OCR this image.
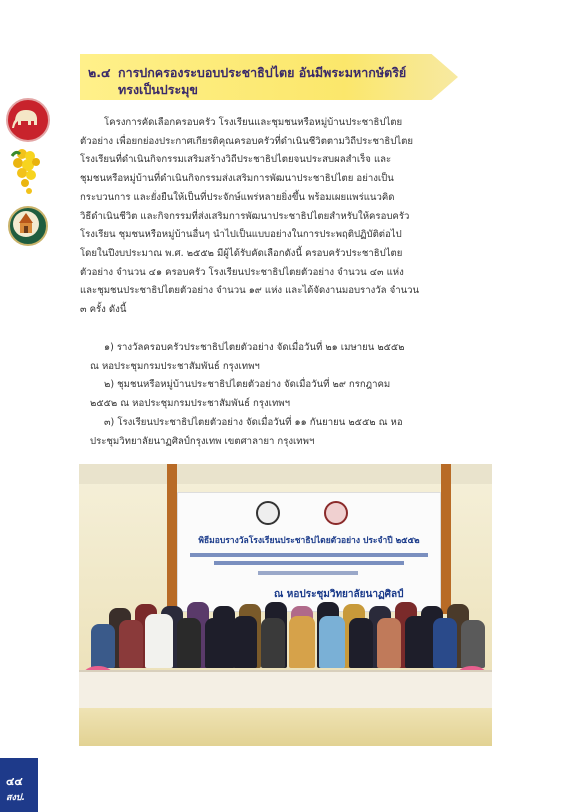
๒.๔ การปกครองระบอบประชาธิปไตย อันมีพระมหากษัตริย์
ทรงเป็นประมุข
โครงการคัดเลือกครอบครัว โรงเรียนและชุมชนหรือหมู่บ้านประชาธิปไตย
ตัวอย่าง เพื่อยกย่องประกาศเกียรติคุณครอบครัวที่ดำเนินชีวิตตามวิถีประชาธิปไตย
โรงเรียนที่ดำเนินกิจกรรมเสริมสร้างวิถีประชาธิปไตยจนประสบผลสำเร็จ และ
ชุมชนหรือหมู่บ้านที่ดำเนินกิจกรรมส่งเสริมการพัฒนาประชาธิปไตย อย่างเป็น
กระบวนการ และยั่งยืนให้เป็นที่ประจักษ์แพร่หลายยิ่งขึ้น พร้อมเผยแพร่แนวคิด
วิธีดำเนินชีวิต และกิจกรรมที่ส่งเสริมการพัฒนาประชาธิปไตยสำหรับให้ครอบครัว
โรงเรียน ชุมชนหรือหมู่บ้านอื่นๆ นำไปเป็นแบบอย่างในการประพฤติปฏิบัติต่อไป
โดยในปีงบประมาณ พ.ศ. ๒๕๕๒ มีผู้ได้รับคัดเลือกดังนี้ ครอบครัวประชาธิปไตย
ตัวอย่าง จำนวน ๔๑ ครอบครัว โรงเรียนประชาธิปไตยตัวอย่าง จำนวน ๔๓ แห่ง
และชุมชนประชาธิปไตยตัวอย่าง จำนวน ๑๙ แห่ง และได้จัดงานมอบรางวัล จำนวน
๓ ครั้ง ดังนี้
๑) รางวัลครอบครัวประชาธิปไตยตัวอย่าง จัดเมื่อวันที่ ๒๑ เมษายน ๒๕๕๒
ณ หอประชุมกรมประชาสัมพันธ์ กรุงเทพฯ
๒) ชุมชนหรือหมู่บ้านประชาธิปไตยตัวอย่าง จัดเมื่อวันที่ ๒๙ กรกฎาคม
๒๕๕๒ ณ หอประชุมกรมประชาสัมพันธ์ กรุงเทพฯ
๓) โรงเรียนประชาธิปไตยตัวอย่าง จัดเมื่อวันที่ ๑๑ กันยายน ๒๕๕๒ ณ หอ
ประชุมวิทยาลัยนาฏศิลป์กรุงเทพ เขตศาลายา กรุงเทพฯ
พิธีมอบรางวัลโรงเรียนประชาธิปไตยตัวอย่าง ประจำปี ๒๕๕๒
ณ หอประชุมวิทยาลัยนาฏศิลป์
๔๔
สงป.
